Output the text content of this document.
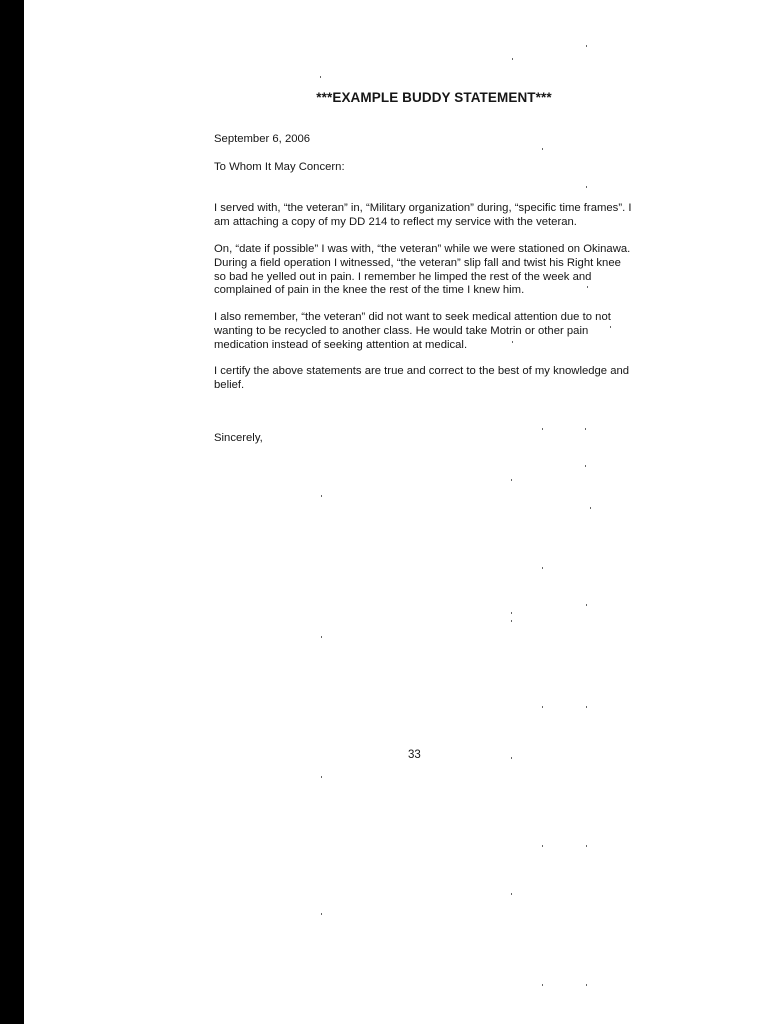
***EXAMPLE BUDDY STATEMENT***
September 6, 2006
To Whom It May Concern:
I served with, “the veteran” in, “Military organization” during, “specific time frames”. I am attaching a copy of my DD 214 to reflect my service with the veteran.
On, “date if possible” I was with, “the veteran” while we were stationed on Okinawa. During a field operation I witnessed, “the veteran” slip fall and twist his Right knee so bad he yelled out in pain. I remember he limped the rest of the week and complained of pain in the knee the rest of the time I knew him.
I also remember, “the veteran” did not want to seek medical attention due to not wanting to be recycled to another class. He would take Motrin or other pain medication instead of seeking attention at medical.
I certify the above statements are true and correct to the best of my knowledge and belief.
Sincerely,
33
